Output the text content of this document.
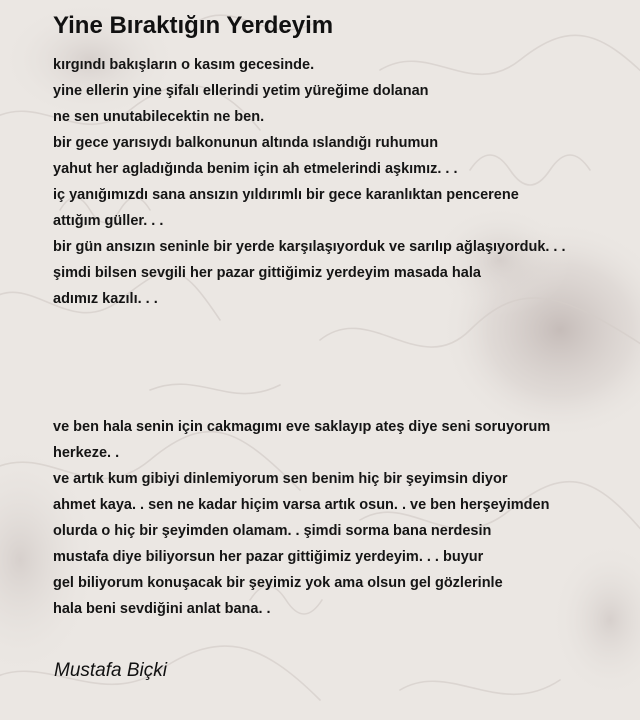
Yine Bıraktığın Yerdeyim
kırgındı bakışların o kasım gecesinde.
yine ellerin yine şifalı ellerindi yetim yüreğime dolanan
ne sen unutabilecektin ne ben.
bir gece yarısıydı balkonunun altında ıslandığı ruhumun
yahut her agladığında benim için ah etmelerindi aşkımız. . .
iç yanığımızdı sana ansızın yıldırımlı bir gece karanlıktan pencerene
attığım güller. . .
bir gün ansızın seninle bir yerde karşılaşıyorduk ve sarılıp ağlaşıyorduk. . .
şimdi bilsen sevgili her pazar gittiğimiz yerdeyim masada hala
adımız kazılı. . .
ve ben hala senin için cakmagımı eve saklayıp ateş diye seni soruyorum
herkeze. .
ve artık kum gibiyi dinlemiyorum sen benim hiç bir şeyimsin diyor
ahmet kaya. . sen ne kadar hiçim varsa artık osun. . ve ben herşeyimden
olurda o hiç bir şeyimden olamam. . şimdi sorma bana nerdesin
mustafa diye biliyorsun her pazar gittiğimiz yerdeyim. . . buyur
gel biliyorum konuşacak bir şeyimiz yok ama olsun gel gözlerinle
hala beni sevdiğini anlat bana. .
Mustafa Biçki
